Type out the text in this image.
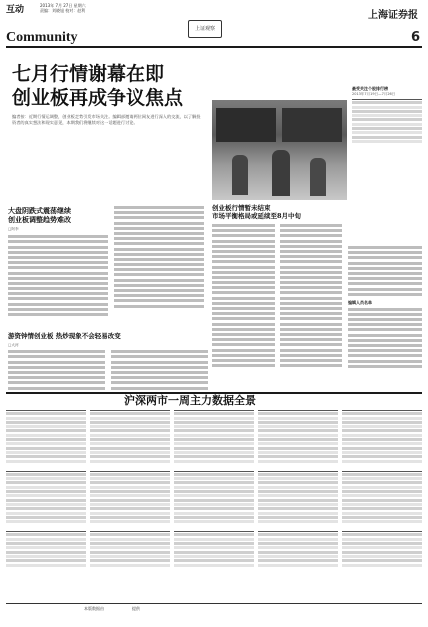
互动	2013年 7月 27日 星期六
责编：刘晓旭 校对：赵利
Community
上证观察
上海证券报
6
七月行情谢幕在即
创业板再成争议焦点
编者按：近期行情运调整，创业板走势引发市场关注。编辑部邀请两位网友进行深入的交流，以了解投资者的真实想法和现实意见，本期我们将继续对这一话题进行讨论。
最受关注个股排行榜
2013年7月19日—7月26日
大盘阴跌式震荡继续
创业板调整趋势难改
□阿李
游资钟情创业板 热炒现象不会轻易改变
□大河
创业板行情暂未结束
市场平衡格局或延续至8月中旬
编辑人员名单
沪深两市一周主力数据全景
本版数据由	提供
